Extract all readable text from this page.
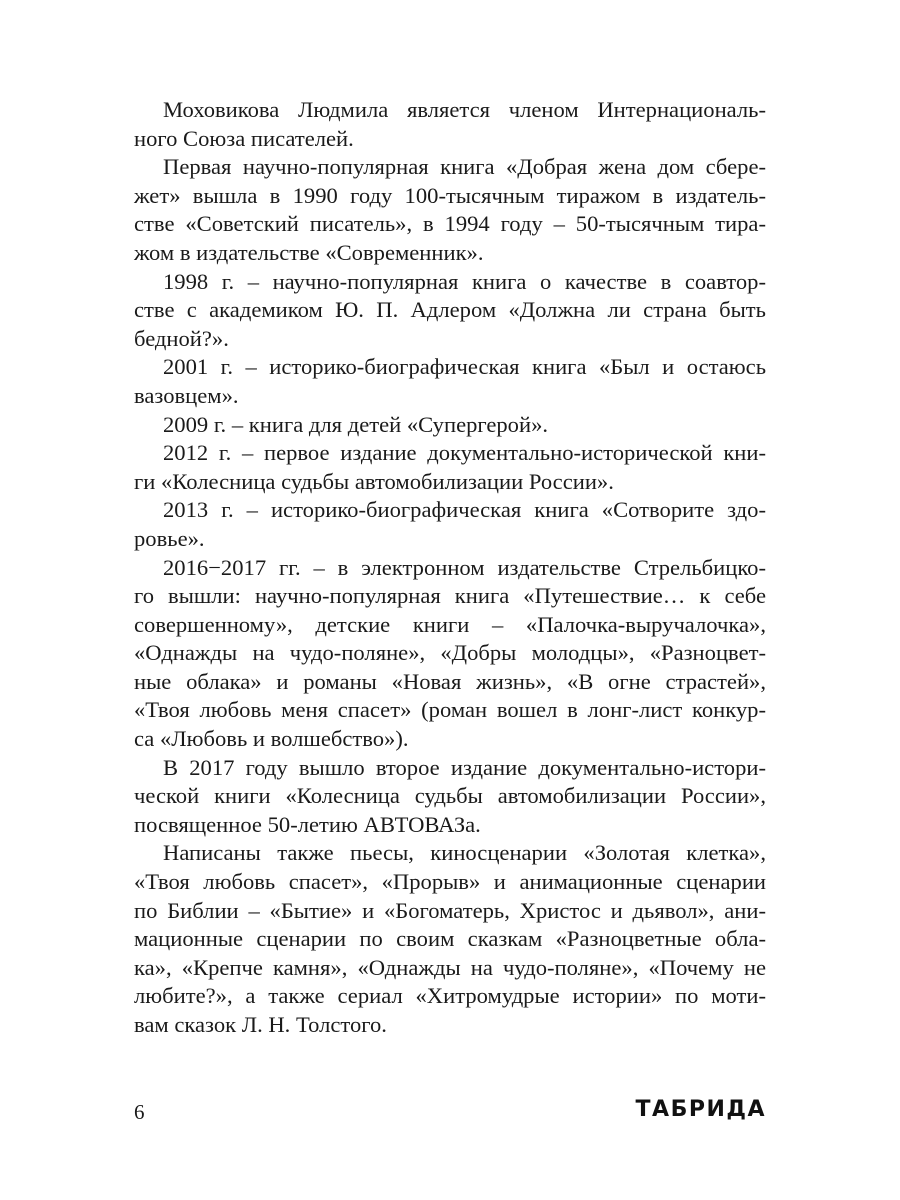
Моховикова Людмила является членом Интернациональ-
ного Союза писателей.
Первая научно-популярная книга «Добрая жена дом сбере-
жет» вышла в 1990 году 100-тысячным тиражом в издатель-
стве «Советский писатель», в 1994 году – 50-тысячным тира-
жом в издательстве «Современник».
1998 г. – научно-популярная книга о качестве в соавтор-
стве с академиком Ю. П. Адлером «Должна ли страна быть
бедной?».
2001 г. – историко-биографическая книга «Был и остаюсь
вазовцем».
2009 г. – книга для детей «Супергерой».
2012 г. – первое издание документально-исторической кни-
ги «Колесница судьбы автомобилизации России».
2013 г. – историко-биографическая книга «Сотворите здо-
ровье».
2016−2017 гг. – в электронном издательстве Стрельбицко-
го вышли: научно-популярная книга «Путешествие… к себе
совершенному», детские книги – «Палочка-выручалочка»,
«Однажды на чудо-поляне», «Добры молодцы», «Разноцвет-
ные облака» и романы «Новая жизнь», «В огне страстей»,
«Твоя любовь меня спасет» (роман вошел в лонг-лист конкур-
са «Любовь и волшебство»).
В 2017 году вышло второе издание документально-истори-
ческой книги «Колесница судьбы автомобилизации России»,
посвященное 50-летию АВТОВАЗа.
Написаны также пьесы, киносценарии «Золотая клетка»,
«Твоя любовь спасет», «Прорыв» и анимационные сценарии
по Библии – «Бытие» и «Богоматерь, Христос и дьявол», ани-
мационные сценарии по своим сказкам «Разноцветные обла-
ка», «Крепче камня», «Однажды на чудо-поляне», «Почему не
любите?», а также сериал «Хитромудрые истории» по моти-
вам сказок Л. Н. Толстого.
6	ТАБРИДА
